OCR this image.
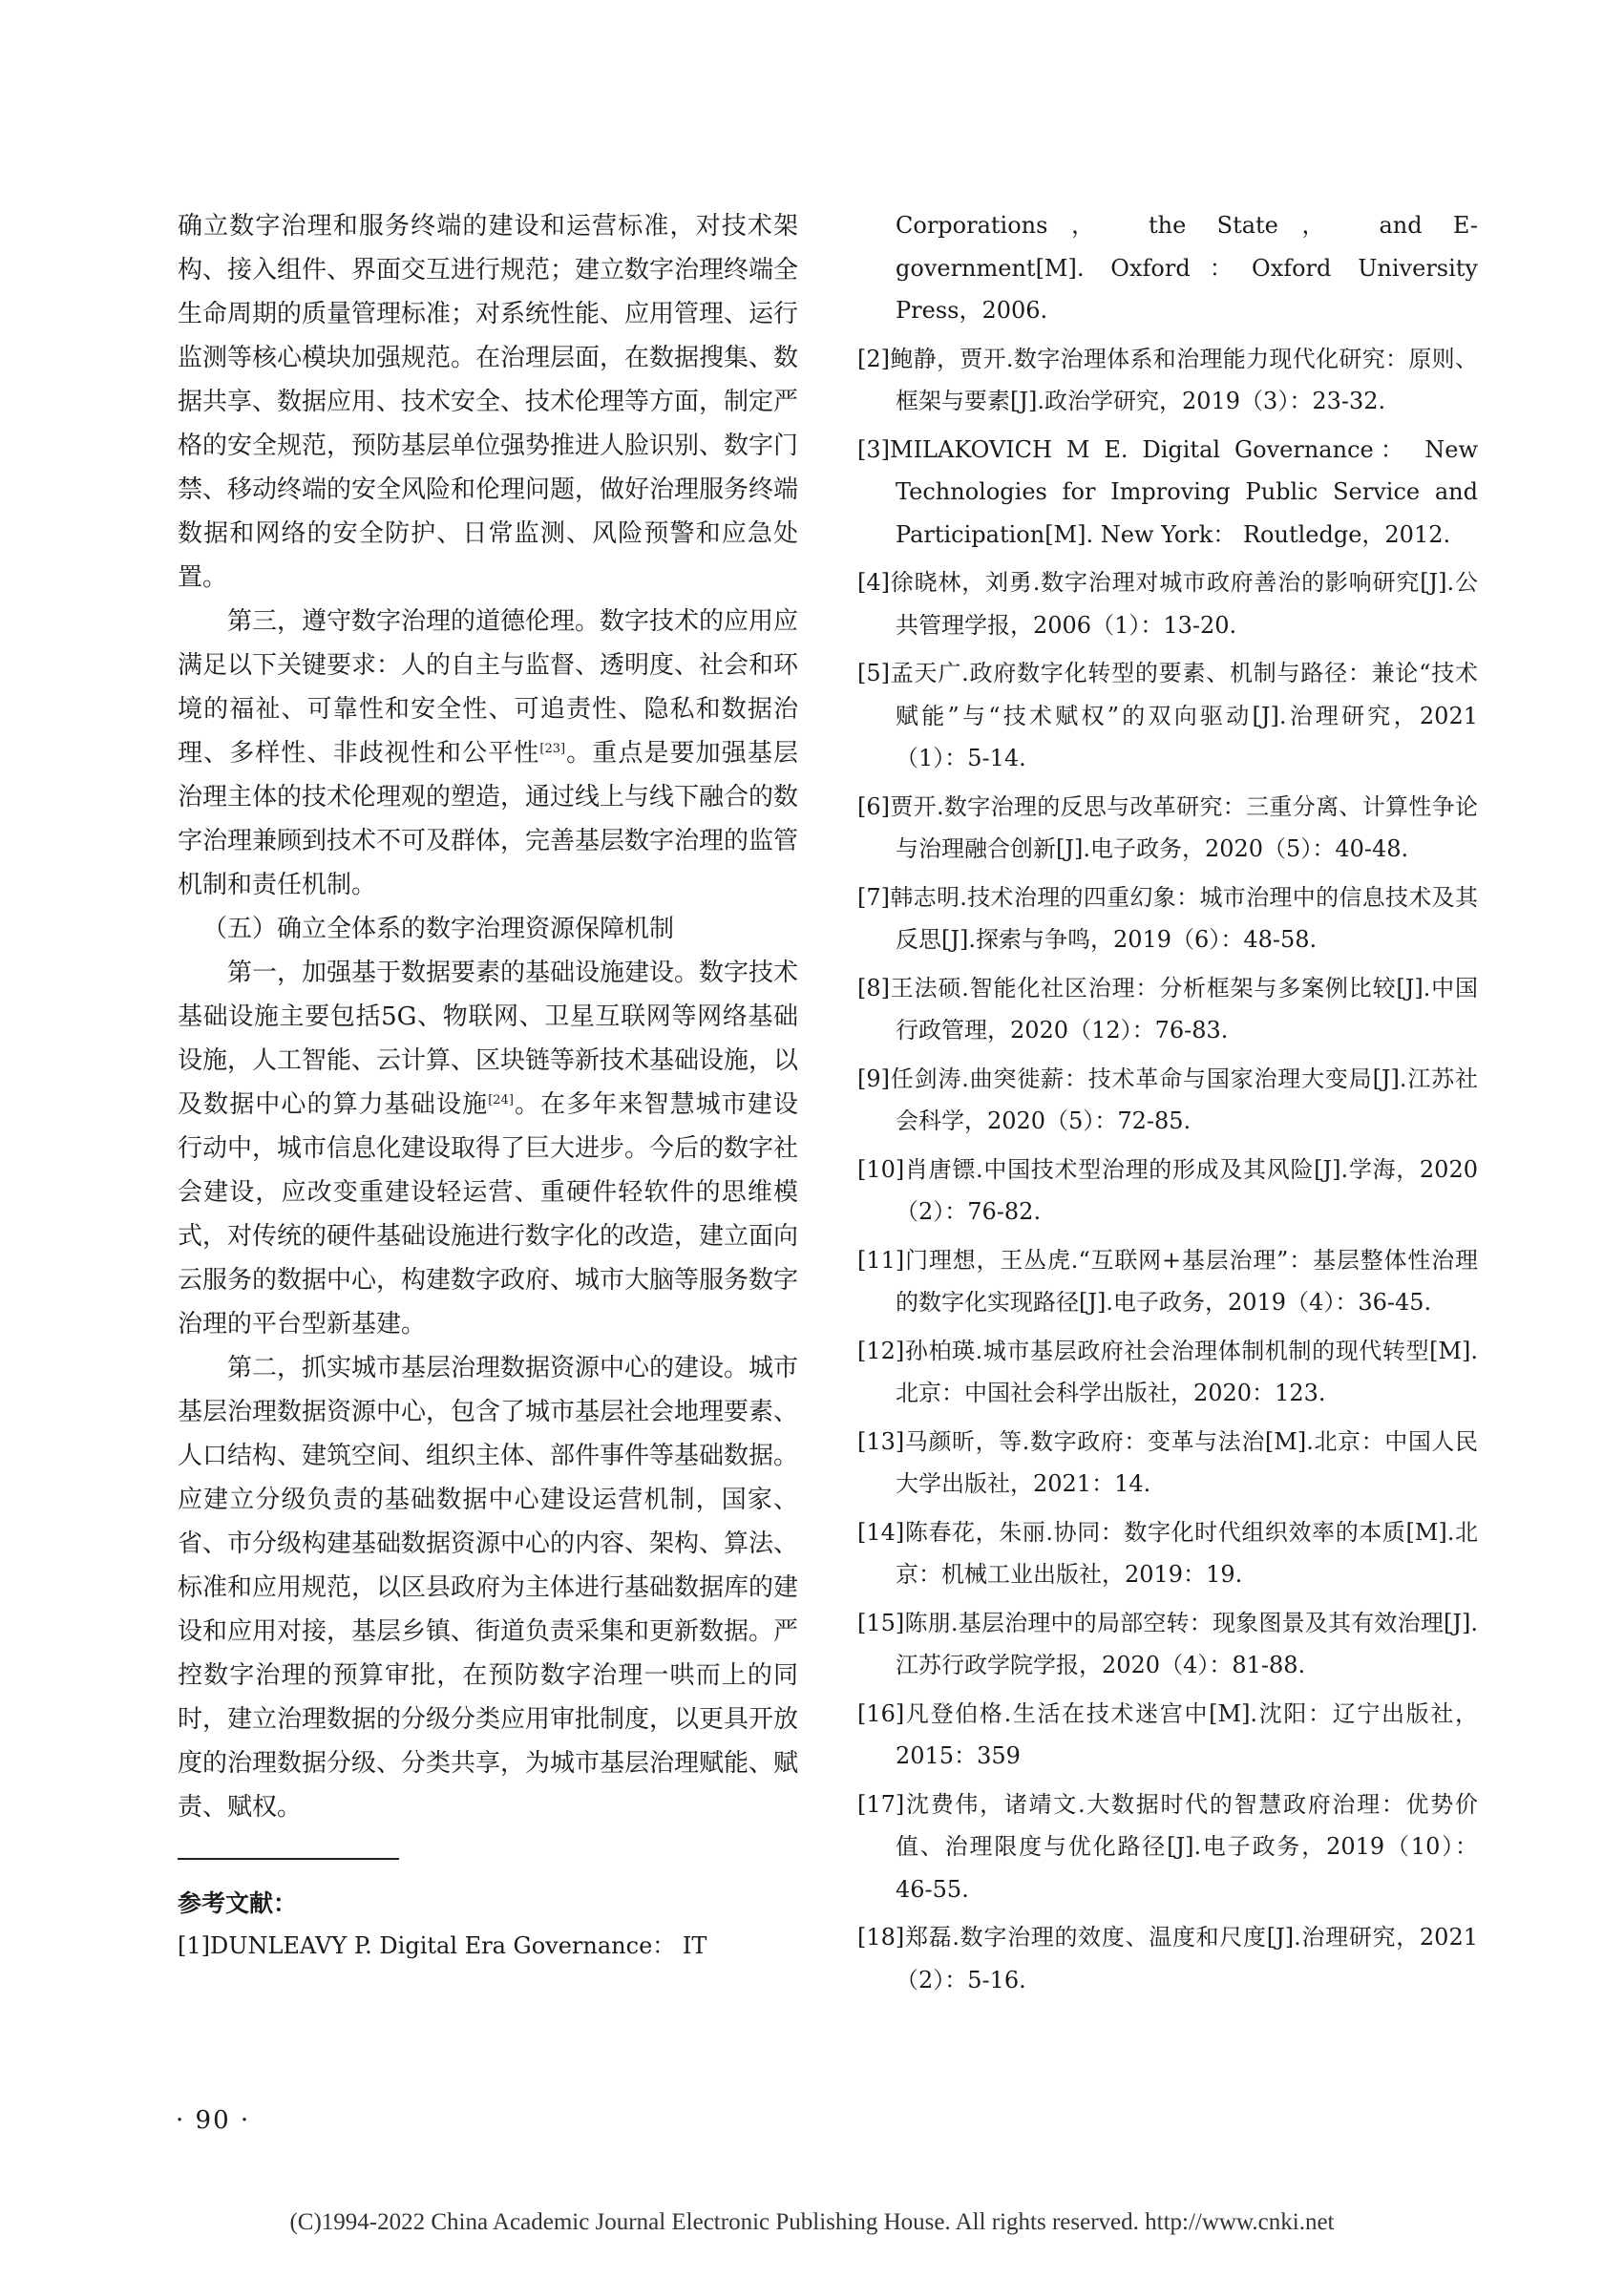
确立数字治理和服务终端的建设和运营标准，对技术架构、接入组件、界面交互进行规范；建立数字治理终端全生命周期的质量管理标准；对系统性能、应用管理、运行监测等核心模块加强规范。在治理层面，在数据搜集、数据共享、数据应用、技术安全、技术伦理等方面，制定严格的安全规范，预防基层单位强势推进人脸识别、数字门禁、移动终端的安全风险和伦理问题，做好治理服务终端数据和网络的安全防护、日常监测、风险预警和应急处置。

第三，遵守数字治理的道德伦理。数字技术的应用应满足以下关键要求：人的自主与监督、透明度、社会和环境的福祉、可靠性和安全性、可追责性、隐私和数据治理、多样性、非歧视性和公平性[23]。重点是要加强基层治理主体的技术伦理观的塑造，通过线上与线下融合的数字治理兼顾到技术不可及群体，完善基层数字治理的监管机制和责任机制。

（五）确立全体系的数字治理资源保障机制

第一，加强基于数据要素的基础设施建设。数字技术基础设施主要包括5G、物联网、卫星互联网等网络基础设施，人工智能、云计算、区块链等新技术基础设施，以及数据中心的算力基础设施[24]。在多年来智慧城市建设行动中，城市信息化建设取得了巨大进步。今后的数字社会建设，应改变重建设轻运营、重硬件轻软件的思维模式，对传统的硬件基础设施进行数字化的改造，建立面向云服务的数据中心，构建数字政府、城市大脑等服务数字治理的平台型新基建。

第二，抓实城市基层治理数据资源中心的建设。城市基层治理数据资源中心，包含了城市基层社会地理要素、人口结构、建筑空间、组织主体、部件事件等基础数据。应建立分级负责的基础数据中心建设运营机制，国家、省、市分级构建基础数据资源中心的内容、架构、算法、标准和应用规范，以区县政府为主体进行基础数据库的建设和应用对接，基层乡镇、街道负责采集和更新数据。严控数字治理的预算审批，在预防数字治理一哄而上的同时，建立治理数据的分级分类应用审批制度，以更具开放度的治理数据分级、分类共享，为城市基层治理赋能、赋责、赋权。

参考文献：

[1]DUNLEAVY P. Digital Era Governance： IT

Corporations， the State， and E-government[M]. Oxford：Oxford University Press，2006.

[2]鲍静，贾开.数字治理体系和治理能力现代化研究：原则、框架与要素[J].政治学研究，2019（3）：23-32.

[3]MILAKOVICH M E. Digital Governance： New Technologies for Improving Public Service and Participation[M]. New York： Routledge，2012.

[4]徐晓林，刘勇.数字治理对城市政府善治的影响研究[J].公共管理学报，2006（1）：13-20.

[5]孟天广.政府数字化转型的要素、机制与路径：兼论“技术赋能”与“技术赋权”的双向驱动[J].治理研究，2021（1）：5-14.

[6]贾开.数字治理的反思与改革研究：三重分离、计算性争论与治理融合创新[J].电子政务，2020（5）：40-48.

[7]韩志明.技术治理的四重幻象：城市治理中的信息技术及其反思[J].探索与争鸣，2019（6）：48-58.

[8]王法硕.智能化社区治理：分析框架与多案例比较[J].中国行政管理，2020（12）：76-83.

[9]任剑涛.曲突徙薪：技术革命与国家治理大变局[J].江苏社会科学，2020（5）：72-85.

[10]肖唐镖.中国技术型治理的形成及其风险[J].学海，2020（2）：76-82.

[11]门理想，王丛虎.“互联网+基层治理”：基层整体性治理的数字化实现路径[J].电子政务，2019（4）：36-45.

[12]孙柏瑛.城市基层政府社会治理体制机制的现代转型[M].北京：中国社会科学出版社，2020：123.

[13]马颜昕，等.数字政府：变革与法治[M].北京：中国人民大学出版社，2021：14.

[14]陈春花，朱丽.协同：数字化时代组织效率的本质[M].北京：机械工业出版社，2019：19.

[15]陈朋.基层治理中的局部空转：现象图景及其有效治理[J].江苏行政学院学报，2020（4）：81-88.

[16]凡登伯格.生活在技术迷宫中[M].沈阳：辽宁出版社，2015：359

[17]沈费伟，诸靖文.大数据时代的智慧政府治理：优势价值、治理限度与优化路径[J].电子政务，2019（10）：46-55.

[18]郑磊.数字治理的效度、温度和尺度[J].治理研究，2021（2）：5-16.

· 90 ·
(C)1994-2022 China Academic Journal Electronic Publishing House. All rights reserved. http://www.cnki.net
